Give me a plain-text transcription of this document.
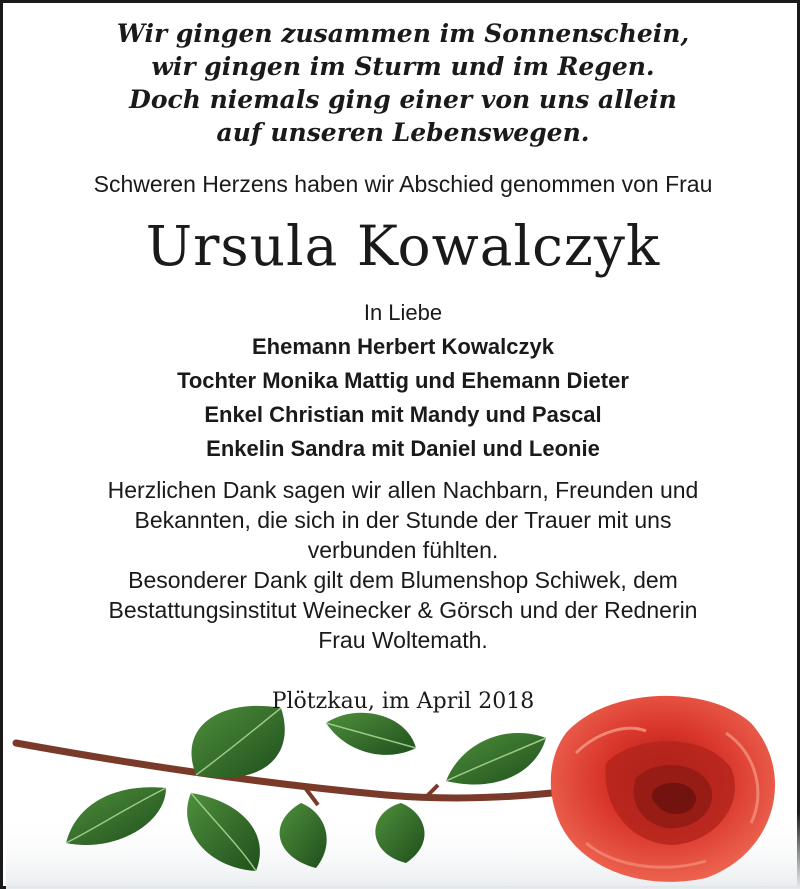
Wir gingen zusammen im Sonnenschein,
wir gingen im Sturm und im Regen.
Doch niemals ging einer von uns allein
auf unseren Lebenswegen.
Schweren Herzens haben wir Abschied genommen von Frau
Ursula Kowalczyk
In Liebe
Ehemann Herbert Kowalczyk
Tochter Monika Mattig und Ehemann Dieter
Enkel Christian mit Mandy und Pascal
Enkelin Sandra mit Daniel und Leonie
Herzlichen Dank sagen wir allen Nachbarn, Freunden und
Bekannten, die sich in der Stunde der Trauer mit uns
verbunden fühlten.
Besonderer Dank gilt dem Blumenshop Schiwek, dem
Bestattungsinstitut Weinecker & Görsch und der Rednerin
Frau Woltemath.
Plötzkau, im April 2018
